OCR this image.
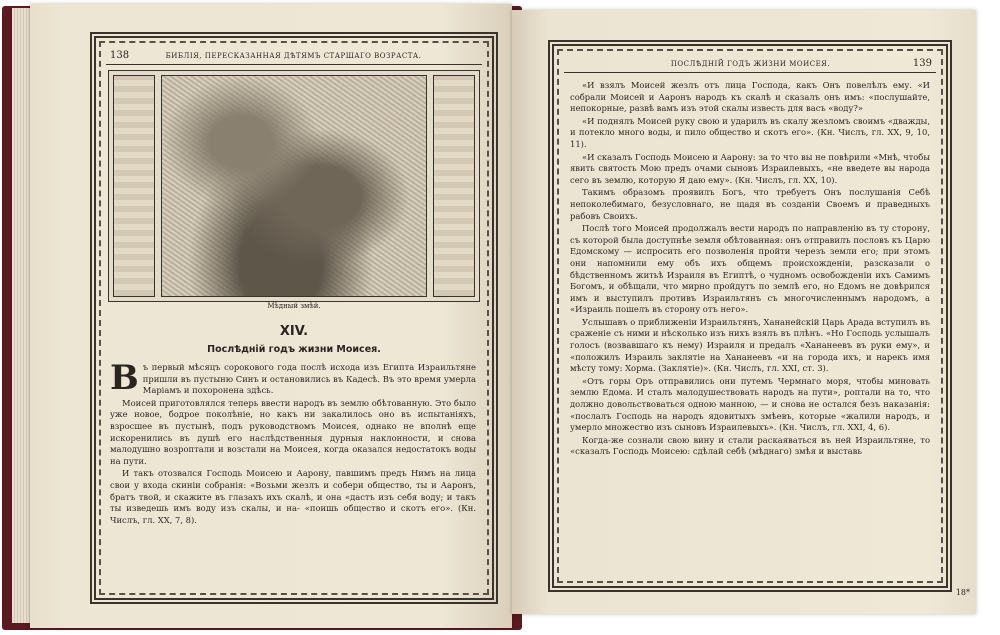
138	БИБЛІЯ, ПЕРЕСКАЗАННАЯ ДѢТЯМЪ СТАРШАГО ВОЗРАСТА.
Мѣдный змѣй.
XIV.
Послѣдній годъ жизни Моисея.

Въ первый мѣсяцъ сорокового года послѣ исхода изъ Египта Израильтяне пришли въ пустыню Синъ и остановились въ Кадесѣ. Въ это время умерла Маріамъ и похоронена здѣсь.

Моисей приготовлялся теперь ввести народъ въ землю обѣтованную. Это было уже новое, бодрое поколѣніе, но какъ ни закалилось оно въ испытаніяхъ, взросшее въ пустынѣ, подъ руководствомъ Моисея, однако не вполнѣ еще искоренились въ душѣ его наслѣдственныя дурныя наклонности, и снова малодушно возроптали и возстали на Моисея, когда оказался недостатокъ воды на пути.

И такъ отозвался Господь Моисею и Аарону, павшимъ предъ Нимъ на лица свои у входа скиніи собранія: «Возьми жезлъ и собери общество, ты и Ааронъ, братъ твой, и скажите въ глазахъ ихъ скалѣ, и она «дастъ изъ себя воду; и такъ ты изведешь имъ воду изъ скалы, и на- «поишь общество и скотъ его». (Кн. Числъ, гл. XX, 7, 8).

ПОСЛѢДНІЙ ГОДЪ ЖИЗНИ МОИСЕЯ.	139

«И взялъ Моисей жезлъ отъ лица Господа, какъ Онъ повелѣлъ ему. «И собрали Моисей и Ааронъ народъ къ скалѣ и сказалъ онъ имъ: «послушайте, непокорные, развѣ вамъ изъ этой скалы известь для васъ «воду?»

«И поднялъ Моисей руку свою и ударилъ въ скалу жезломъ своимъ «дважды, и потекло много воды, и пило общество и скотъ его». (Кн. Числъ, гл. XX, 9, 10, 11).

«И сказалъ Господь Моисею и Аарону: за то что вы не повѣрили «Мнѣ, чтобы явить святость Мою предъ очами сыновъ Израилевыхъ, «не введете вы народа сего въ землю, которую Я даю ему». (Кн. Числъ, гл. XX, 10).

Такимъ образомъ проявилъ Богъ, что требуетъ Онъ послушанія Себѣ непоколебимаго, безусловнаго, не щадя въ созданіи Своемъ и праведныхъ рабовъ Своихъ.

Послѣ того Моисей продолжалъ вести народъ по направленію въ ту сторону, съ которой была доступнѣе земля обѣтованная: онъ отправилъ пословъ къ Царю Едомскому — испросить его позволенія пройти черезъ земли его; при этомъ они напомнили ему объ ихъ общемъ происхожденіи, разсказали о бѣдственномъ житьѣ Израиля въ Египтѣ, о чудномъ освобожденіи ихъ Самимъ Богомъ, и обѣщали, что мирно пройдутъ по землѣ его, но Едомъ не довѣрился имъ и выступилъ противъ Израильтянъ съ многочисленнымъ народомъ, а «Израиль пошелъ въ сторону отъ него».

Услышавъ о приближеніи Израильтянъ, Хананейскій Царь Арада вступилъ въ сраженіе съ ними и нѣсколько изъ нихъ взялъ въ плѣнъ. «Но Господь услышалъ голосъ (возвавшаго къ нему) Израиля и предалъ «Хананеевъ въ руки ему», и «положилъ Израиль заклятіе на Хананеевъ «и на города ихъ, и нарекъ имя мѣсту тому: Хорма. (Заклятіе)». (Кн. Числъ, гл. XXI, ст. 3).

«Отъ горы Оръ отправились они путемъ Чермнаго моря, чтобы миновать землю Едома. И сталъ малодушествовать народъ на пути», роптали на то, что должно довольствоваться одною манною, — и снова не остался безъ наказанія: «послалъ Господь на народъ ядовитыхъ змѣевъ, которые «жалили народъ, и умерло множество изъ сыновъ Израилевыхъ». (Кн. Числъ, гл. XXI, 4, 6).

Когда-же сознали свою вину и стали раскаяваться въ ней Израильтяне, то «сказалъ Господь Моисею: сдѣлай себѣ (мѣднаго) змѣя и выставь

18*
